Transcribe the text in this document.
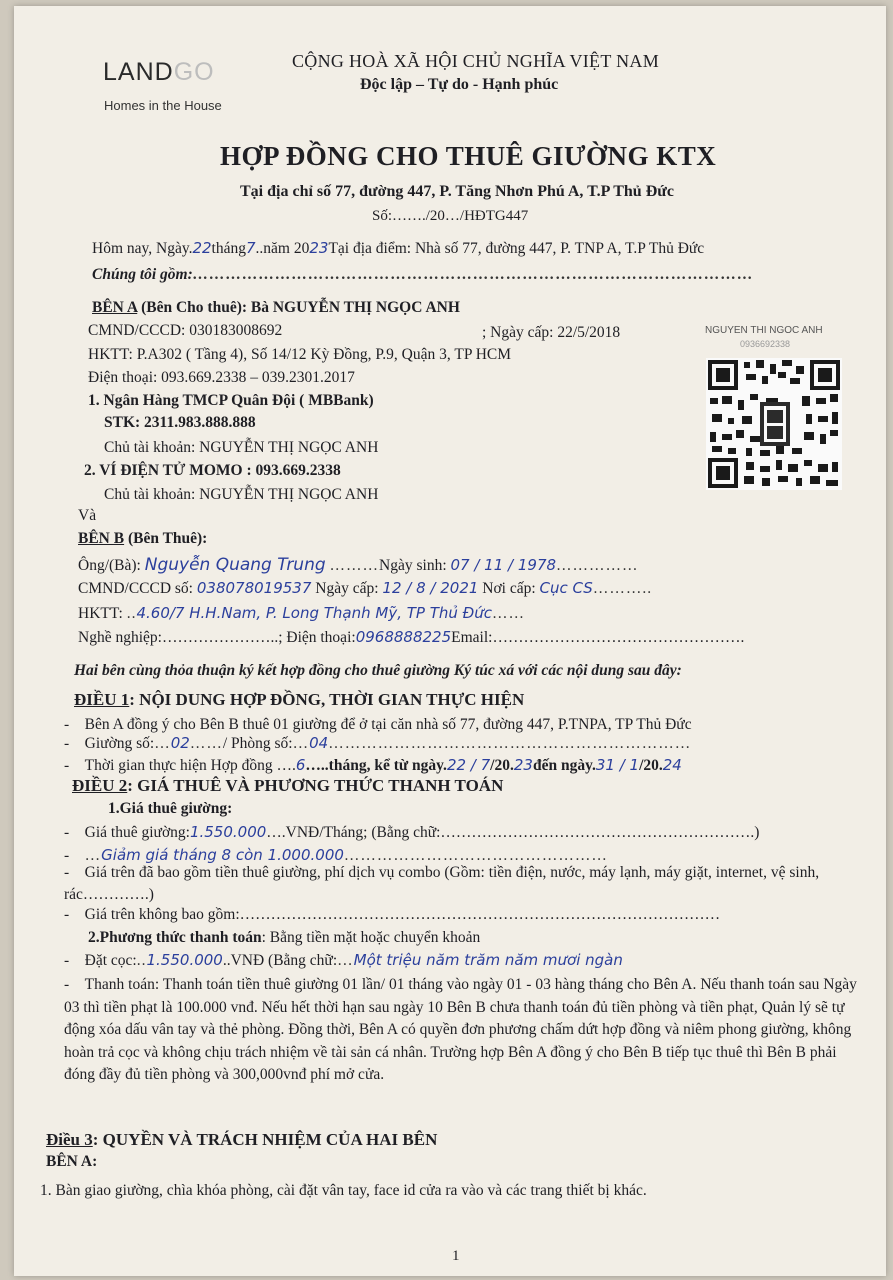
LANDGO
Homes in the House
CỘNG HOÀ XÃ HỘI CHỦ NGHĨA VIỆT NAM
Độc lập – Tự do - Hạnh phúc
HỢP ĐỒNG CHO THUÊ GIƯỜNG KTX
Tại địa chỉ số 77, đường 447, P. Tăng Nhơn Phú A, T.P Thủ Đức
Số:……./20…/HĐTG447
Hôm nay, Ngày.22tháng7..năm 2023Tại địa điểm: Nhà số 77, đường 447, P. TNP A, T.P Thủ Đức
Chúng tôi gồm:…………………………………………………………………………………………
BÊN A (Bên Cho thuê): Bà NGUYỄN THỊ NGỌC ANH
CMND/CCCD: 030183008692	; Ngày cấp: 22/5/2018
HKTT: P.A302 ( Tầng 4), Số 14/12 Kỳ Đồng, P.9, Quận 3, TP HCM
Điện thoại: 093.669.2338 – 039.2301.2017
1. Ngân Hàng TMCP Quân Đội ( MBBank)
STK: 2311.983.888.888
Chủ tài khoản: NGUYỄN THỊ NGỌC ANH
2. VÍ ĐIỆN TỬ MOMO : 093.669.2338
Chủ tài khoản: NGUYỄN THỊ NGỌC ANH
NGUYEN THI NGOC ANH
0936692338
Và
BÊN B (Bên Thuê):
Ông/(Bà): Nguyễn Quang Trung ………Ngày sinh: 07 / 11 / 1978……………
CMND/CCCD số: 038078019537 Ngày cấp: 12 / 8 / 2021 Nơi cấp: Cục CS………..
HKTT: ..4.60/7 H.H.Nam, P. Long Thạnh Mỹ, TP Thủ Đức……
Nghề nghiệp:…………………..; Điện thoại:0968888225Email:………………………………………….
Hai bên cùng thỏa thuận ký kết hợp đồng cho thuê giường Ký túc xá với các nội dung sau đây:
ĐIỀU 1: NỘI DUNG HỢP ĐỒNG, THỜI GIAN THỰC HIỆN
-    Bên A đồng ý cho Bên B thuê 01 giường để ở tại căn nhà số 77, đường 447, P.TNPA, TP Thủ Đức
-    Giường số:…02……/ Phòng số:…04…………………………………………………………
-    Thời gian thực hiện Hợp đồng ….6…..tháng, kể từ ngày.22 / 7/20.23đến ngày.31 / 1/20.24
ĐIỀU 2: GIÁ THUÊ VÀ PHƯƠNG THỨC THANH TOÁN
1.Giá thuê giường:
-    Giá thuê giường:1.550.000….VNĐ/Tháng; (Bằng chữ:…………………………………………………….)
-    …Giảm giá tháng 8 còn 1.000.000…………………………………………
-    Giá trên đã bao gồm tiền thuê giường, phí dịch vụ combo (Gồm: tiền điện, nước, máy lạnh, máy giặt, internet, vệ sinh, rác………….)
-    Giá trên không bao gồm:…………………………………………………………………………………
2.Phương thức thanh toán: Bằng tiền mặt hoặc chuyển khoản
-    Đặt cọc:..1.550.000..VNĐ (Bằng chữ:…Một triệu năm trăm năm mươi ngàn
-    Thanh toán: Thanh toán tiền thuê giường 01 lần/ 01 tháng vào ngày 01 - 03 hàng tháng cho Bên A. Nếu thanh toán sau Ngày 03 thì tiền phạt là 100.000 vnđ. Nếu hết thời hạn sau ngày 10 Bên B chưa thanh toán đủ tiền phòng và tiền phạt, Quản lý sẽ tự động xóa dấu vân tay và thẻ phòng. Đồng thời, Bên A có quyền đơn phương chấm dứt hợp đồng và niêm phong giường, không hoàn trả cọc và không chịu trách nhiệm về tài sản cá nhân. Trường hợp Bên A đồng ý cho Bên B tiếp tục thuê thì Bên B phải đóng đầy đủ tiền phòng và 300,000vnđ phí mở cửa.
Điều 3: QUYỀN VÀ TRÁCH NHIỆM CỦA HAI BÊN
BÊN A:
1. Bàn giao giường, chìa khóa phòng, cài đặt vân tay, face id cửa ra vào và các trang thiết bị khác.
1
